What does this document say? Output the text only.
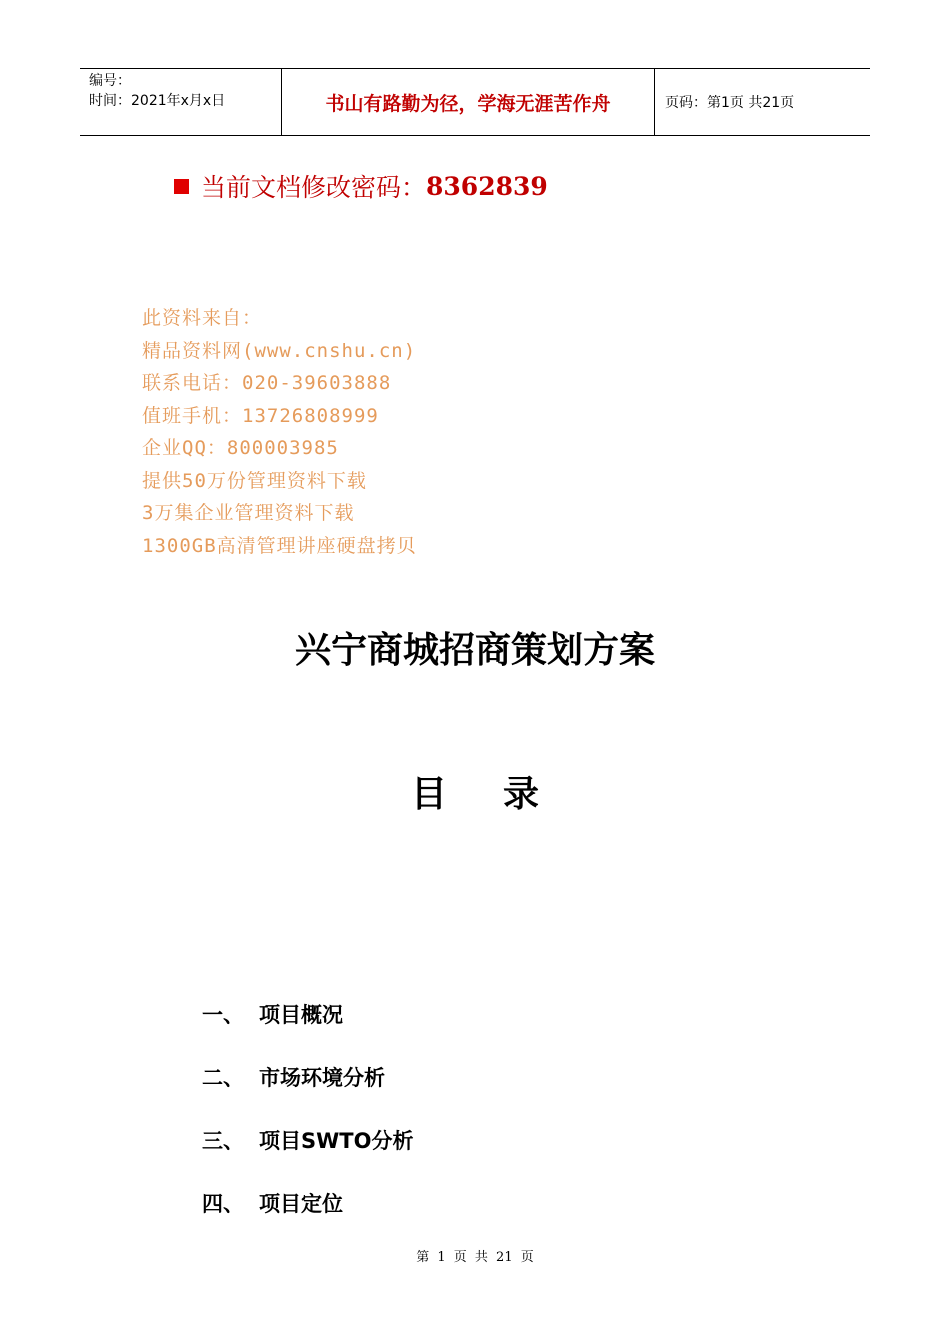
编号：
时间：2021年x月x日	书山有路勤为径，学海无涯苦作舟	页码：第1页 共21页
当前文档修改密码： 8362839
此资料来自：
精品资料网(www.cnshu.cn)
联系电话：020-39603888
值班手机：13726808999
企业QQ：800003985
提供50万份管理资料下载
3万集企业管理资料下载
1300GB高清管理讲座硬盘拷贝
兴宁商城招商策划方案
目录
一、 项目概况
二、 市场环境分析
三、 项目SWTO分析
四、 项目定位
第 1 页 共 21 页
